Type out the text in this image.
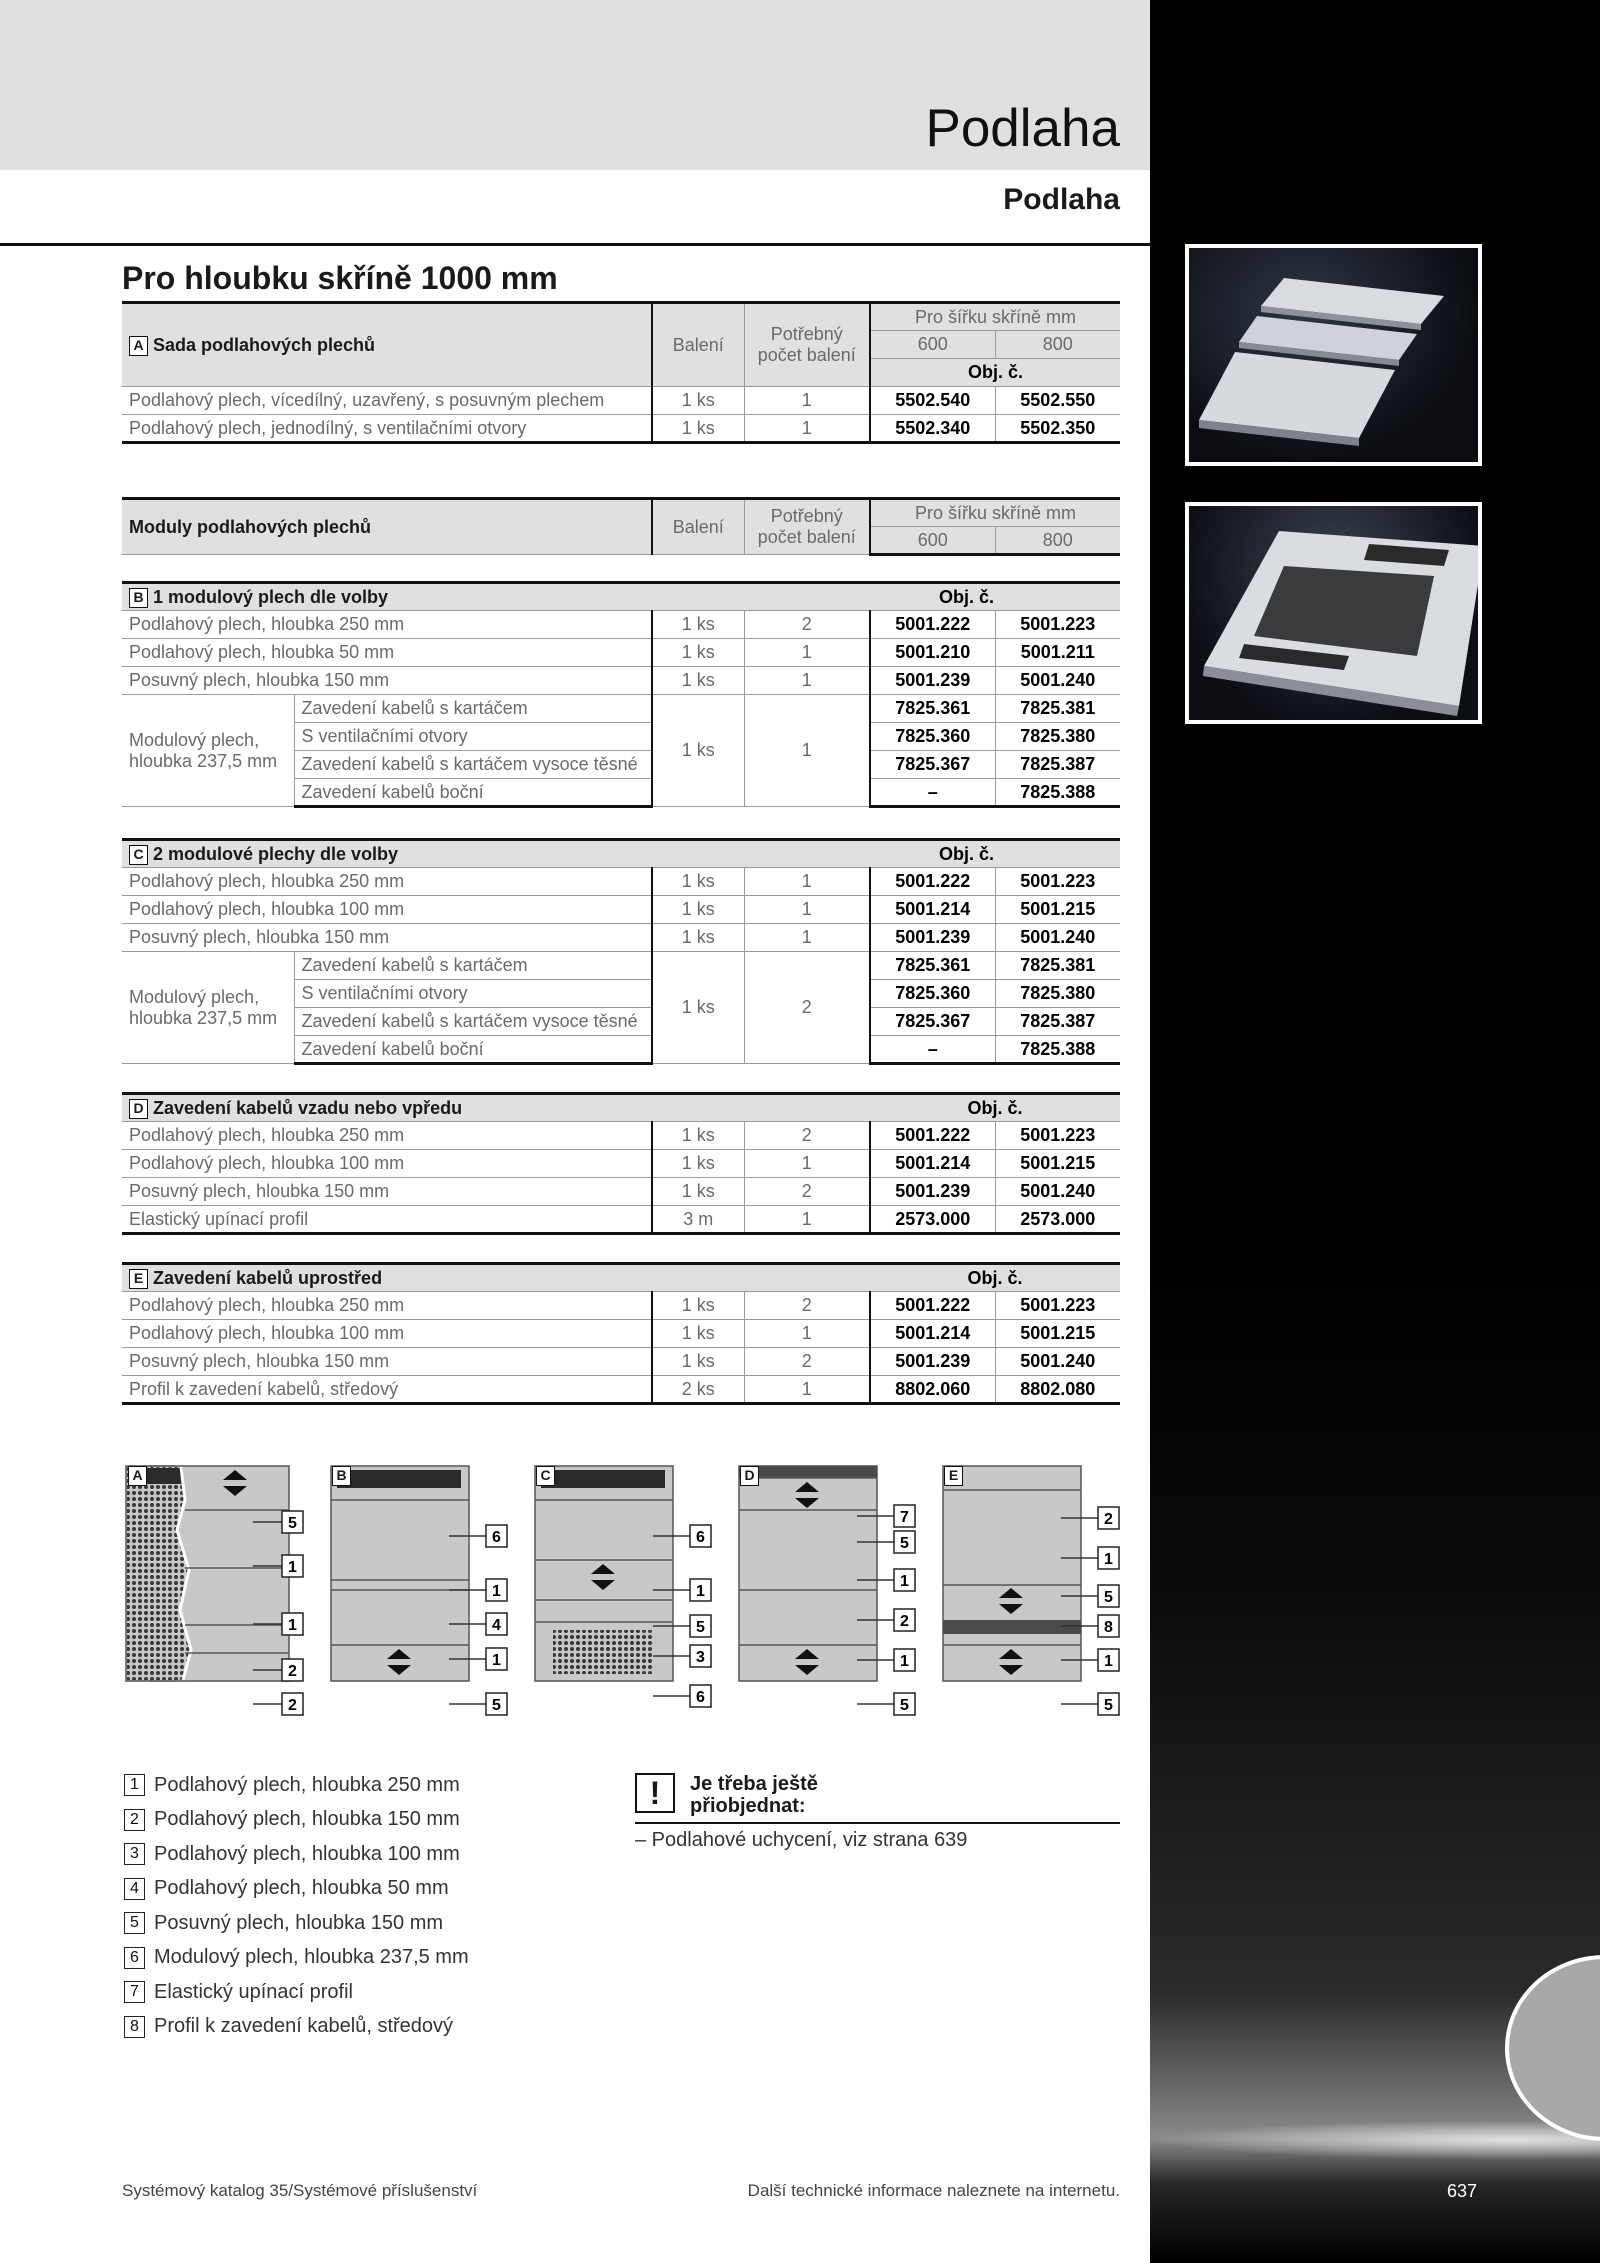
Podlaha
Podlaha
Pro hloubku skříně 1000 mm
A Sada podlahových plechů	Balení	Potřebný počet balení	Pro šířku skříně mm	
			600	800
			Obj. č.	
Podlahový plech, vícedílný, uzavřený, s posuvným plechem	1 ks	1	5502.540	5502.550
Podlahový plech, jednodílný, s ventilačními otvory	1 ks	1	5502.340	5502.350
Moduly podlahových plechů	Balení	Potřebný počet balení	Pro šířku skříně mm	
			600	800
B 1 modulový plech dle volby					Obj. č.
Podlahový plech, hloubka 250 mm		1 ks	2	5001.222	5001.223
Podlahový plech, hloubka 50 mm		1 ks	1	5001.210	5001.211
Posuvný plech, hloubka 150 mm		1 ks	1	5001.239	5001.240
Modulový plech, hloubka 237,5 mm	Zavedení kabelů s kartáčem	1 ks	1	7825.361	7825.381
	S ventilačními otvory			7825.360	7825.380
	Zavedení kabelů s kartáčem vysoce těsné			7825.367	7825.387
	Zavedení kabelů boční			–	7825.388
C 2 modulové plechy dle volby					Obj. č.
Podlahový plech, hloubka 250 mm		1 ks	1	5001.222	5001.223
Podlahový plech, hloubka 100 mm		1 ks	1	5001.214	5001.215
Posuvný plech, hloubka 150 mm		1 ks	1	5001.239	5001.240
Modulový plech, hloubka 237,5 mm	Zavedení kabelů s kartáčem	1 ks	2	7825.361	7825.381
	S ventilačními otvory			7825.360	7825.380
	Zavedení kabelů s kartáčem vysoce těsné			7825.367	7825.387
	Zavedení kabelů boční			–	7825.388
D Zavedení kabelů vzadu nebo vpředu			Obj. č.	
Podlahový plech, hloubka 250 mm	1 ks	2	5001.222	5001.223
Podlahový plech, hloubka 100 mm	1 ks	1	5001.214	5001.215
Posuvný plech, hloubka 150 mm	1 ks	2	5001.239	5001.240
Elastický upínací profil	3 m	1	2573.000	2573.000
E Zavedení kabelů uprostřed			Obj. č.	
Podlahový plech, hloubka 250 mm	1 ks	2	5001.222	5001.223
Podlahový plech, hloubka 100 mm	1 ks	1	5001.214	5001.215
Posuvný plech, hloubka 150 mm	1 ks	2	5001.239	5001.240
Profil k zavedení kabelů, středový	2 ks	1	8802.060	8802.080
5
1
1
2
2
6
1
4
1
5
6
1
5
3
6
7
5
1
2
1
5
2
1
5
8
1
5
1 Podlahový plech, hloubka 250 mm
2 Podlahový plech, hloubka 150 mm
3 Podlahový plech, hloubka 100 mm
4 Podlahový plech, hloubka 50 mm
5 Posuvný plech, hloubka 150 mm
6 Modulový plech, hloubka 237,5 mm
7 Elastický upínací profil
8 Profil k zavedení kabelů, středový
!	Je třeba ještě přiobjednat:
– Podlahové uchycení, viz strana 639
Systémový katalog 35/Systémové příslušenství	Další technické informace naleznete na internetu.	637
A	B	C	D	E
